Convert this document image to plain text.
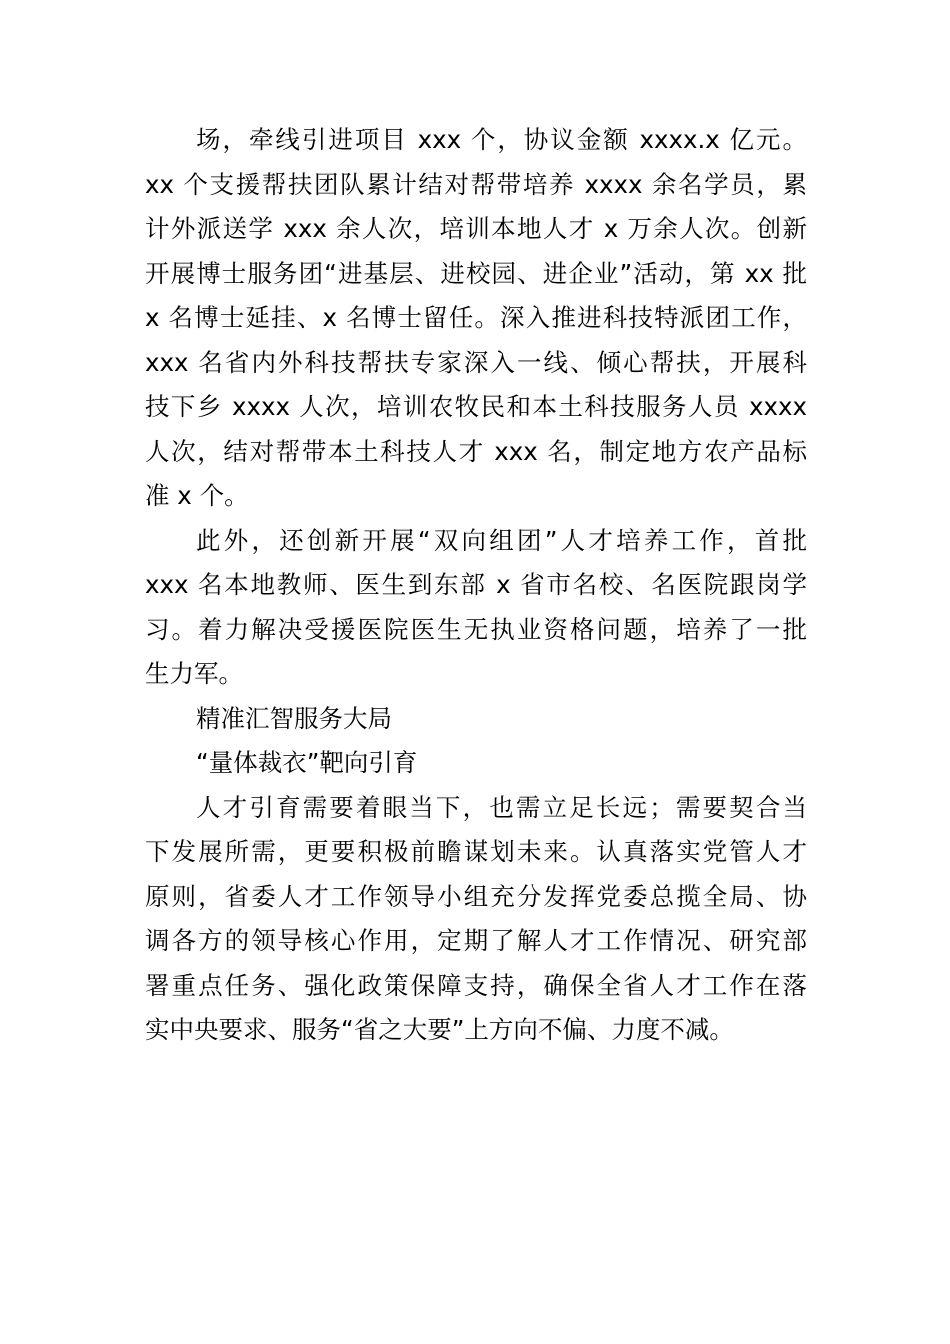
场，牵线引进项目 xxx 个，协议金额 xxxx.x 亿元。
xx 个支援帮扶团队累计结对帮带培养 xxxx 余名学员，累
计外派送学 xxx 余人次，培训本地人才 x 万余人次。创新
开展博士服务团“进基层、进校园、进企业”活动，第 xx 批
x 名博士延挂、x 名博士留任。深入推进科技特派团工作，
xxx 名省内外科技帮扶专家深入一线、倾心帮扶，开展科
技下乡 xxxx 人次，培训农牧民和本土科技服务人员 xxxx
人次，结对帮带本土科技人才 xxx 名，制定地方农产品标
准 x 个。
此外，还创新开展“双向组团”人才培养工作，首批
xxx 名本地教师、医生到东部 x 省市名校、名医院跟岗学
习。着力解决受援医院医生无执业资格问题，培养了一批
生力军。
精准汇智服务大局
“量体裁衣”靶向引育
人才引育需要着眼当下，也需立足长远；需要契合当
下发展所需，更要积极前瞻谋划未来。认真落实党管人才
原则，省委人才工作领导小组充分发挥党委总揽全局、协
调各方的领导核心作用，定期了解人才工作情况、研究部
署重点任务、强化政策保障支持，确保全省人才工作在落
实中央要求、服务“省之大要”上方向不偏、力度不减。
